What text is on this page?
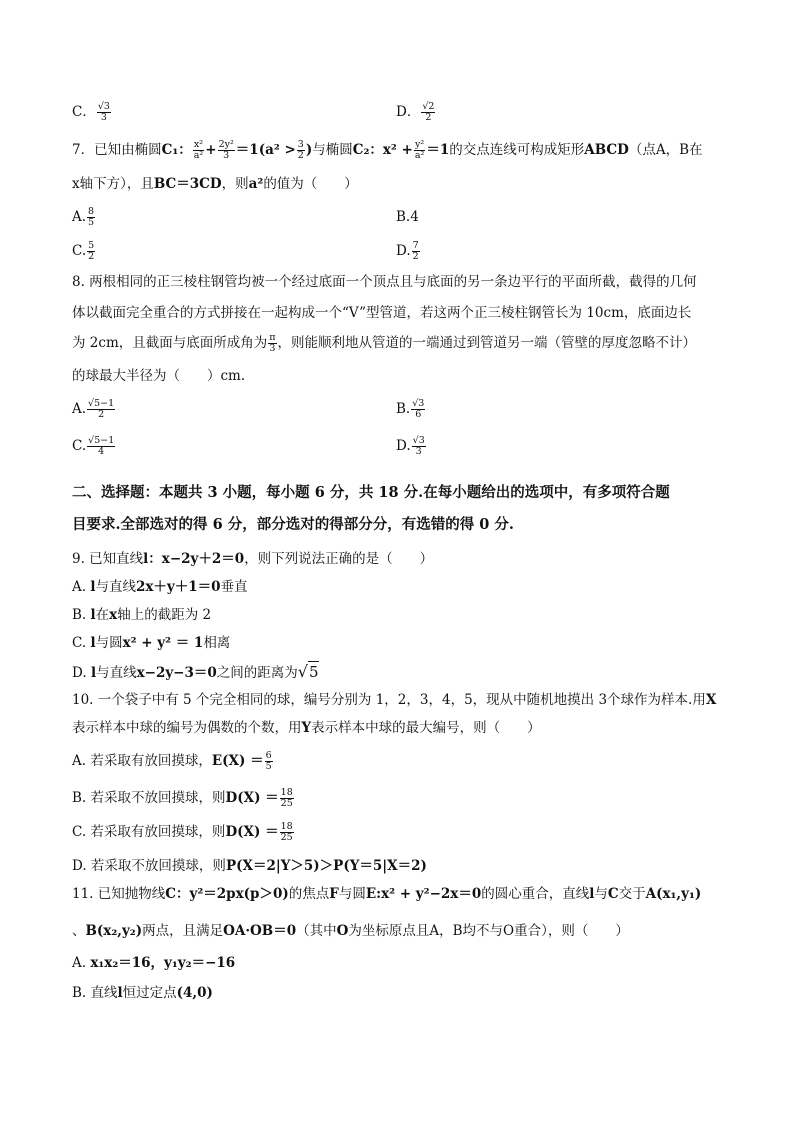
C． $\frac{√3}{3}$	D． $\frac{√2}{2}$
7．已知由椭圆C₁： $\frac{\text{x²}}{\text{a²}} + \frac{\text{2y²}}{3} =1(a^2 > \frac{3}{2}$ )与椭圆C₂：$x^2 + \frac{\text{y²}}{\text{a²}} =1$的交点连线可构成矩形ABCD（点A，B在
x轴下方），且BC＝3CD，则a²的值为（　　）
A. $\frac{8}{5}$	B.4
C. $\frac{5}{2}$	D. $\frac{7}{2}$
8. 两根相同的正三棱柱钢管均被一个经过底面一个顶点且与底面的另一条边平行的平面所截，截得的几何
体以截面完全重合的方式拼接在一起构成一个“V”型管道，若这两个正三棱柱钢管长为 10cm，底面边长
为 2cm，且截面与底面所成角为 $\frac{\pi}{3}$ ，则能顺利地从管道的一端通过到管道另一端（管壁的厚度忽略不计）
的球最大半径为（　　）cm.
A. $\frac{√5-1}{2}$	B. $\frac{√3}{6}$
C. $\frac{√5-1}{4}$	D. $\frac{√3}{3}$
二、选择题：本题共 3 小题，每小题 6 分，共 18 分.在每小题给出的选项中，有多项符合题
目要求.全部选对的得 6 分，部分选对的得部分分，有选错的得 0 分.
9. 已知直线l：x−2y＋2＝0，则下列说法正确的是（　　）
A. l与直线2x＋y＋1＝0垂直
B. l在x轴上的截距为 2
C. l与圆x² + y² ＝ 1相离
D. l与直线x−2y−3＝0之间的距离为√5
10. 一个袋子中有 5 个完全相同的球，编号分别为 1，2，3，4，5，现从中随机地摸出 3个球作为样本.用X
表示样本中球的编号为偶数的个数，用Y表示样本中球的最大编号，则（　　）
A. 若采取有放回摸球，$E(X) = \frac{6}{5}$
B. 若采取不放回摸球，则$D(X) = \frac{18}{25}$
C. 若采取有放回摸球，则$D(X) = \frac{18}{25}$
D. 若采取不放回摸球，则P(X＝2|Y＞5)＞P(Y＝5|X＝2)
11. 已知抛物线C：y²＝2px(p＞0)的焦点F与圆E:x² + y²−2x＝0的圆心重合，直线l与C交于A(x₁,y₁)
、B(x₂,y₂)两点，且满足OA·OB＝0（其中O为坐标原点且A，B均不与O重合），则（　　）
A. x₁x₂＝16，y₁y₂＝−16
B. 直线l恒过定点(4,0)
